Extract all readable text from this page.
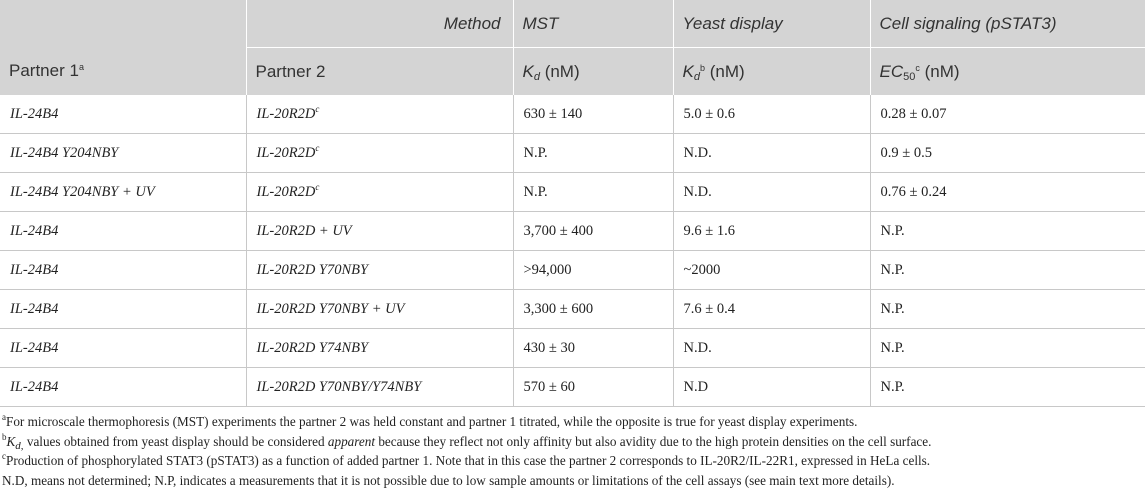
	Method	MST	Yeast display	Cell signaling (pSTAT3)
Partner 1$^a$	Partner 2	$K_d$ (nM)	$K_d^b$ (nM)	$EC_{50}^c$ (nM)
IL-24B4	$IL-20R2D^c$	630 ± 140	5.0 ± 0.6	0.28 ± 0.07
IL-24B4 Y204NBY	$IL-20R2D^c$	N.P.	N.D.	0.9 ± 0.5
IL-24B4 Y204NBY + UV	$IL-20R2D^c$	N.P.	N.D.	0.76 ± 0.24
IL-24B4	IL-20R2D + UV	3,700 ± 400	9.6 ± 1.6	N.P.
IL-24B4	IL-20R2D Y70NBY	>94,000	~2000	N.P.
IL-24B4	IL-20R2D Y70NBY + UV	3,300 ± 600	7.6 ± 0.4	N.P.
IL-24B4	IL-20R2D Y74NBY	430 ± 30	N.D.	N.P.
IL-24B4	IL-20R2D Y70NBY/Y74NBY	570 ± 60	N.D	N.P.
$^a$For microscale thermophoresis (MST) experiments the partner 2 was held constant and partner 1 titrated, while the opposite is true for yeast display experiments.
$^bK_{d,}$ values obtained from yeast display should be considered apparent because they reflect not only affinity but also avidity due to the high protein densities on the cell surface.
$^c$Production of phosphorylated STAT3 (pSTAT3) as a function of added partner 1. Note that in this case the partner 2 corresponds to IL-20R2/IL-22R1, expressed in HeLa cells.
N.D, means not determined; N.P, indicates a measurements that it is not possible due to low sample amounts or limitations of the cell assays (see main text more details).
